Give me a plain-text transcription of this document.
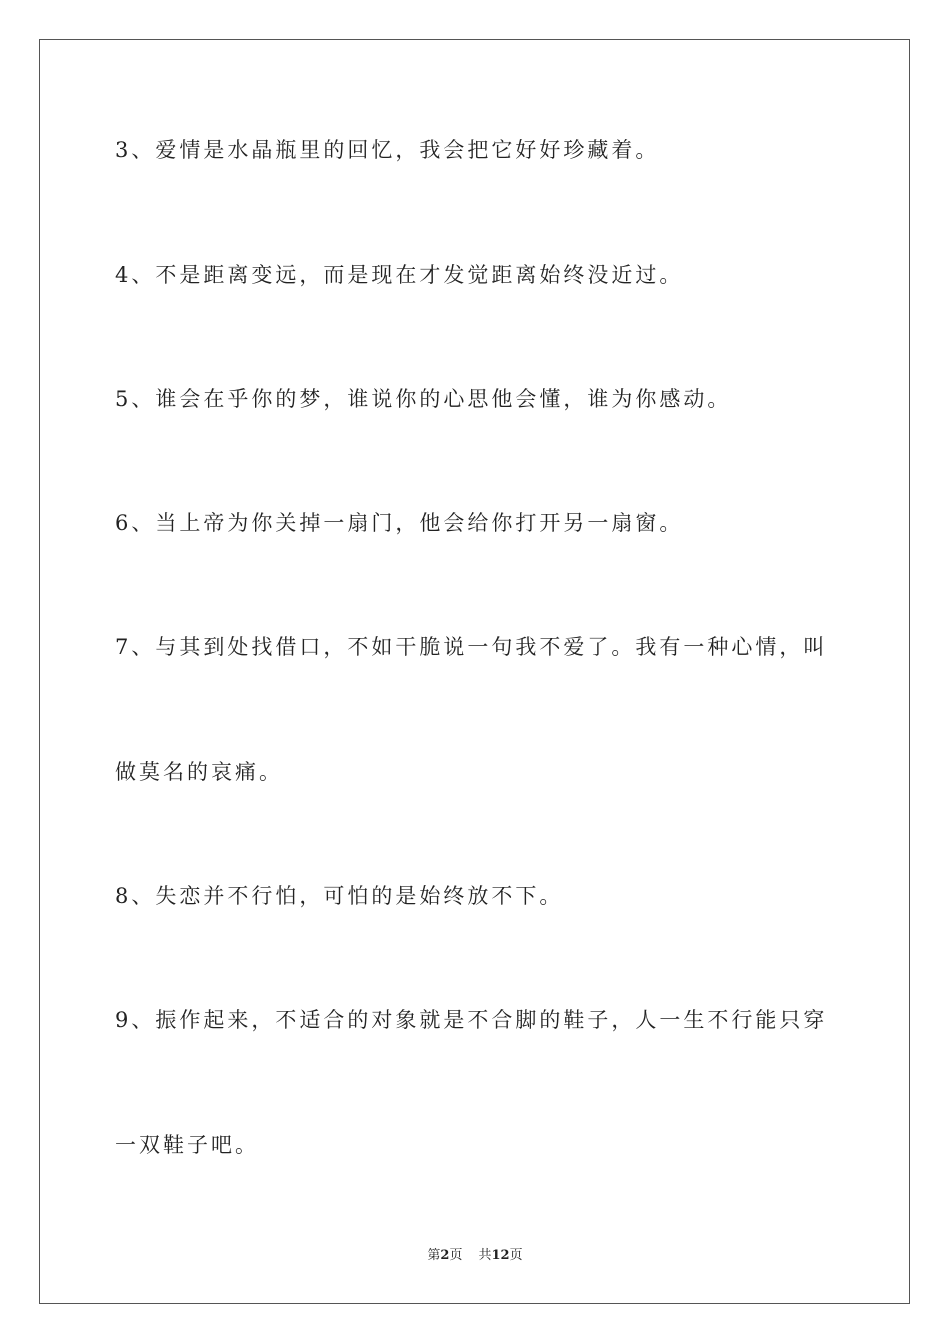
3、爱情是水晶瓶里的回忆，我会把它好好珍藏着。
4、不是距离变远，而是现在才发觉距离始终没近过。
5、谁会在乎你的梦，谁说你的心思他会懂，谁为你感动。
6、当上帝为你关掉一扇门，他会给你打开另一扇窗。
7、与其到处找借口，不如干脆说一句我不爱了。我有一种心情，叫
做莫名的哀痛。
8、失恋并不行怕，可怕的是始终放不下。
9、振作起来，不适合的对象就是不合脚的鞋子，人一生不行能只穿
一双鞋子吧。
第2页 共12页
